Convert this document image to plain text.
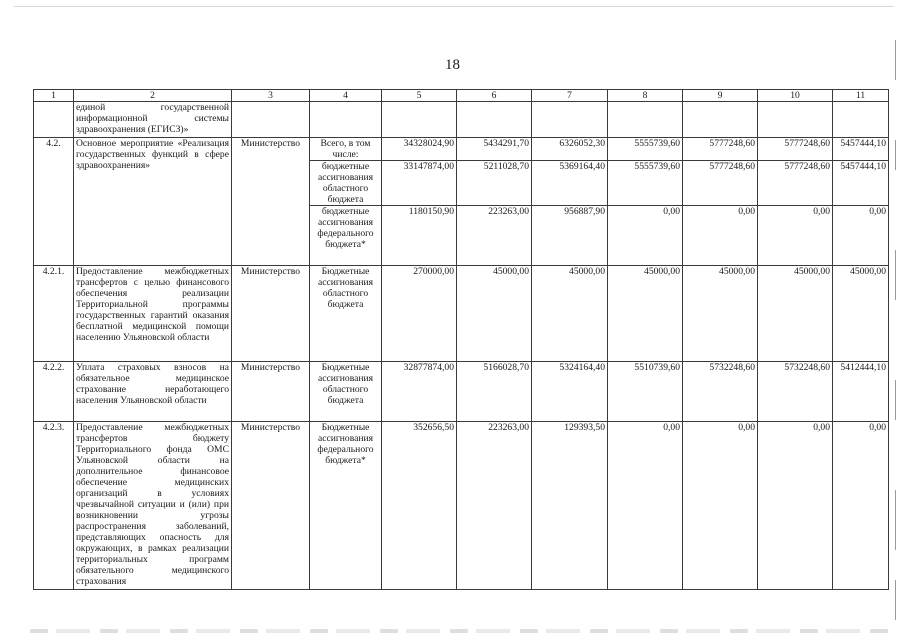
18
1	2	3	4	5	6	7	8	9	10	11
	единой государственной информационной системы здравоохранения (ЕГИСЗ)»									
4.2.	Основное мероприятие «Реализация государственных функций в сфере здравоохранения»	Министерство	Всего, в том числе:	34328024,90	5434291,70	6326052,30	5555739,60	5777248,60	5777248,60	5457444,10
			бюджетные ассигнования областного бюджета	33147874,00	5211028,70	5369164,40	5555739,60	5777248,60	5777248,60	5457444,10
			бюджетные ассигнования федерального бюджета*	1180150,90	223263,00	956887,90	0,00	0,00	0,00	0,00
4.2.1.	Предоставление межбюджетных трансфертов с целью финансового обеспечения реализации Территориальной программы государственных гарантий оказания бесплатной медицинской помощи населению Ульяновской области	Министерство	Бюджетные ассигнования областного бюджета	270000,00	45000,00	45000,00	45000,00	45000,00	45000,00	45000,00
4.2.2.	Уплата страховых взносов на обязательное медицинское страхование неработающего населения Ульяновской области	Министерство	Бюджетные ассигнования областного бюджета	32877874,00	5166028,70	5324164,40	5510739,60	5732248,60	5732248,60	5412444,10
4.2.3.	Предоставление межбюджетных трансфертов бюджету Территориального фонда ОМС Ульяновской области на дополнительное финансовое обеспечение медицинских организаций в условиях чрезвычайной ситуации и (или) при возникновении угрозы распространения заболеваний, представляющих опасность для окружающих, в рамках реализации территориальных программ обязательного медицинского страхования	Министерство	Бюджетные ассигнования федерального бюджета*	352656,50	223263,00	129393,50	0,00	0,00	0,00	0,00
